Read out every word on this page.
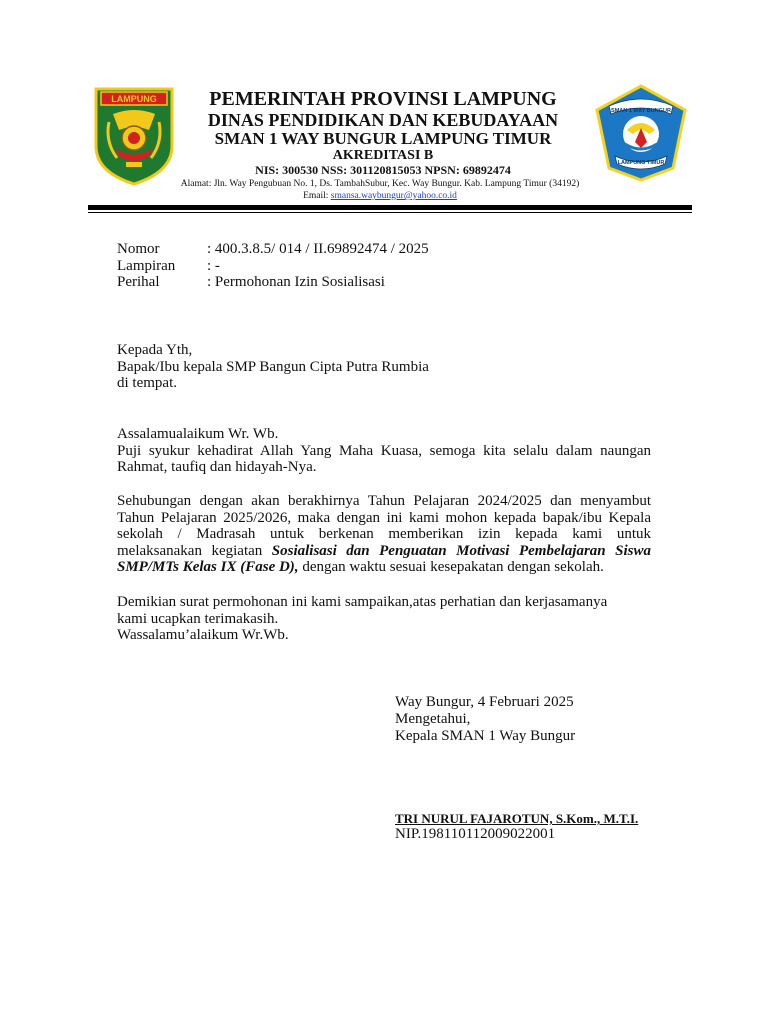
LAMPUNG
SMAN 1 WAY BUNGUR
LAMPUNG TIMUR
PEMERINTAH PROVINSI LAMPUNG
DINAS PENDIDIKAN DAN KEBUDAYAAN
SMAN 1 WAY BUNGUR LAMPUNG TIMUR
AKREDITASI B
NIS: 300530 NSS: 301120815053 NPSN: 69892474
Alamat: Jln. Way Pengubuan No. 1, Ds. TambahSubur, Kec. Way Bungur. Kab. Lampung Timur (34192)
Email: smansa.waybungur@yahoo.co.id
Nomor	: 400.3.8.5/ 014 / II.69892474 / 2025
Lampiran : -
Perihal	: Permohonan Izin Sosialisasi
Kepada Yth,
Bapak/Ibu kepala SMP Bangun Cipta Putra Rumbia
di tempat.
Assalamualaikum Wr. Wb.
Puji syukur kehadirat Allah Yang Maha Kuasa, semoga kita selalu dalam naungan
Rahmat, taufiq dan hidayah-Nya.
Sehubungan dengan akan berakhirnya Tahun Pelajaran 2024/2025 dan menyambut
Tahun Pelajaran 2025/2026, maka dengan ini kami mohon kepada bapak/ibu Kepala
sekolah / Madrasah untuk berkenan memberikan izin kepada kami untuk
melaksanakan kegiatan Sosialisasi dan Penguatan Motivasi Pembelajaran Siswa
SMP/MTs Kelas IX (Fase D), dengan waktu sesuai kesepakatan dengan sekolah.
Demikian surat permohonan ini kami sampaikan,atas perhatian dan kerjasamanya
kami ucapkan terimakasih.
Wassalamu’alaikum Wr.Wb.
Way Bungur, 4 Februari 2025
Mengetahui,
Kepala SMAN 1 Way Bungur
TRI NURUL FAJAROTUN, S.Kom., M.T.I.
NIP.198110112009022001
